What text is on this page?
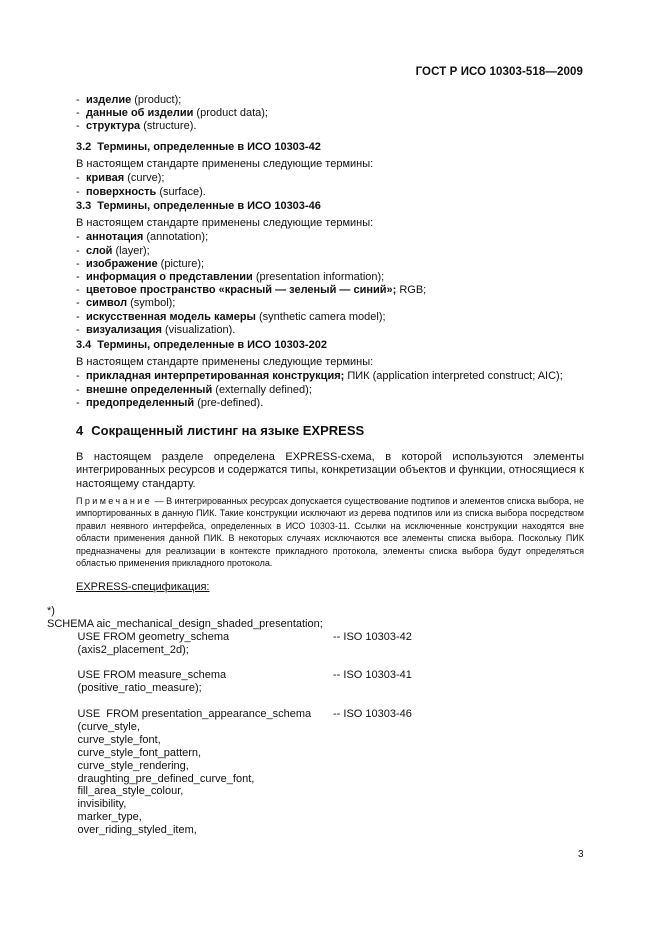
ГОСТ Р ИСО 10303-518—2009
- изделие (product);
- данные об изделии (product data);
- структура (structure).
3.2 Термины, определенные в ИСО 10303-42
В настоящем стандарте применены следующие термины:
- кривая (curve);
- поверхность (surface).
3.3 Термины, определенные в ИСО 10303-46
В настоящем стандарте применены следующие термины:
- аннотация (annotation);
- слой (layer);
- изображение (picture);
- информация о представлении (presentation information);
- цветовое пространство «красный — зеленый — синий»; RGB;
- символ (symbol);
- искусственная модель камеры (synthetic camera model);
- визуализация (visualization).
3.4 Термины, определенные в ИСО 10303-202
В настоящем стандарте применены следующие термины:
- прикладная интерпретированная конструкция; ПИК (application interpreted construct; AIC);
- внешне определенный (externally defined);
- предопределенный (pre-defined).
4 Сокращенный листинг на языке EXPRESS
В настоящем разделе определена EXPRESS-схема, в которой используются элементы интегрированных ресурсов и содержатся типы, конкретизации объектов и функции, относящиеся к настоящему стандарту.
Примечание — В интегрированных ресурсах допускается существование подтипов и элементов списка выбора, не импортированных в данную ПИК. Такие конструкции исключают из дерева подтипов или из списка выбора посредством правил неявного интерфейса, определенных в ИСО 10303-11. Ссылки на исключенные конструкции находятся вне области применения данной ПИК. В некоторых случаях исключаются все элементы списка выбора. Поскольку ПИК предназначены для реализации в контексте прикладного протокола, элементы списка выбора будут определяться областью применения прикладного протокола.
EXPRESS-спецификация:
*)
SCHEMA aic_mechanical_design_shaded_presentation;
USE FROM geometry_schema	-- ISO 10303-42
(axis2_placement_2d);
USE FROM measure_schema	-- ISO 10303-41
(positive_ratio_measure);
USE  FROM presentation_appearance_schema -- ISO 10303-46
(curve_style,
curve_style_font,
curve_style_font_pattern,
curve_style_rendering,
draughting_pre_defined_curve_font,
fill_area_style_colour,
invisibility,
marker_type,
over_riding_styled_item,
3
